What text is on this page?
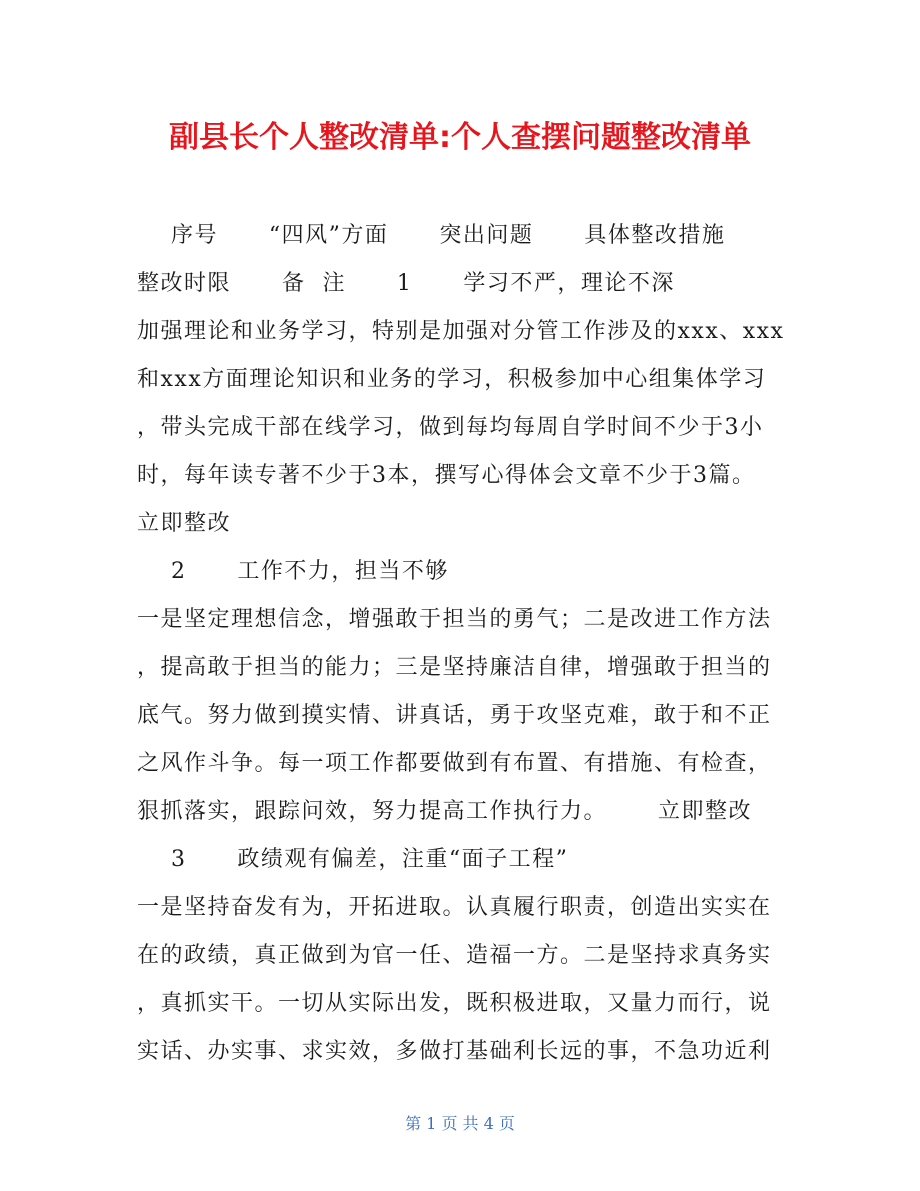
副县长个人整改清单:个人查摆问题整改清单
序号      “四风”方面      突出问题      具体整改措施
整改时限      备  注      1      学习不严，理论不深
加强理论和业务学习，特别是加强对分管工作涉及的xxx、xxx
和xxx方面理论知识和业务的学习，积极参加中心组集体学习
，带头完成干部在线学习，做到每均每周自学时间不少于3小
时，每年读专著不少于3本，撰写心得体会文章不少于3篇。
立即整改
2      工作不力，担当不够
一是坚定理想信念，增强敢于担当的勇气；二是改进工作方法
，提高敢于担当的能力；三是坚持廉洁自律，增强敢于担当的
底气。努力做到摸实情、讲真话，勇于攻坚克难，敢于和不正
之风作斗争。每一项工作都要做到有布置、有措施、有检查，
狠抓落实，跟踪问效，努力提高工作执行力。      立即整改
3      政绩观有偏差，注重“面子工程”
一是坚持奋发有为，开拓进取。认真履行职责，创造出实实在
在的政绩，真正做到为官一任、造福一方。二是坚持求真务实
，真抓实干。一切从实际出发，既积极进取，又量力而行，说
实话、办实事、求实效，多做打基础利长远的事，不急功近利
第 1 页 共 4 页
